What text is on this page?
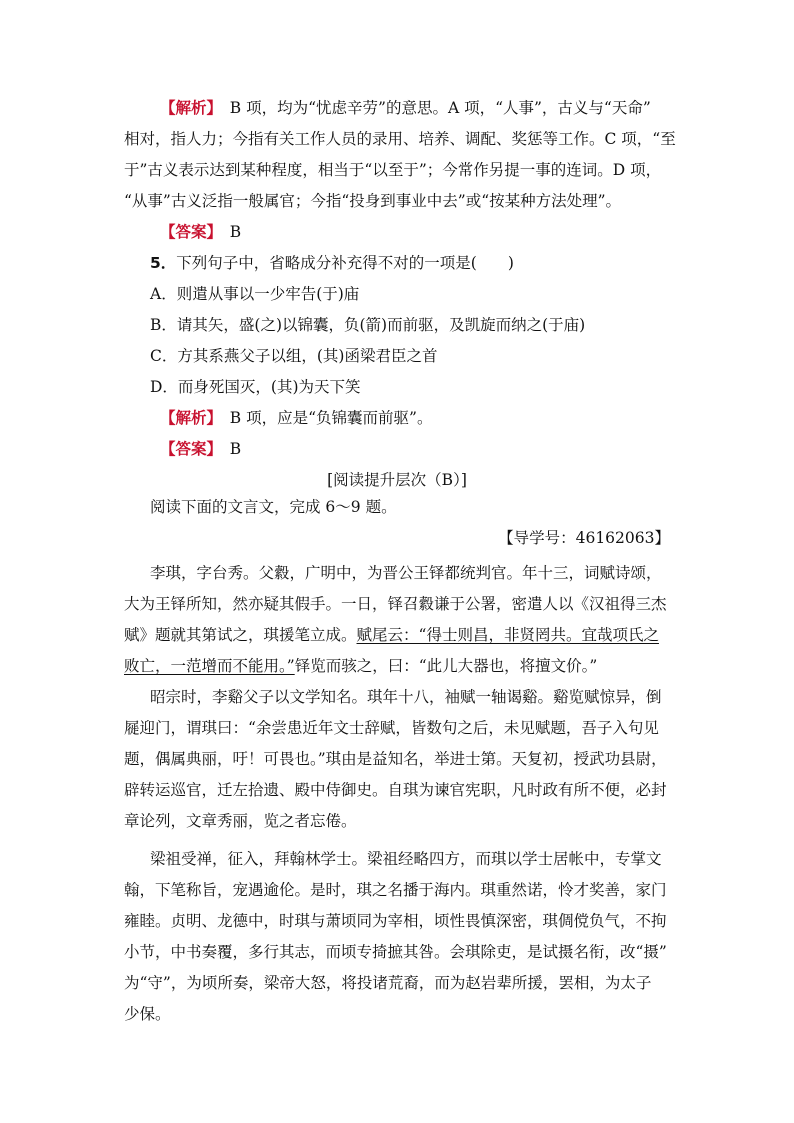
【解析】　 B 项，均为“忧虑辛劳”的意思。A 项，“人事”，古义与“天命”
相对，指人力；今指有关工作人员的录用、培养、调配、奖惩等工作。C 项，“至
于”古义表示达到某种程度，相当于“以至于”；今常作另提一事的连词。D 项，
“从事”古义泛指一般属官；今指“投身到事业中去”或“按某种方法处理”。
【答案】　 B
5．下列句子中，省略成分补充得不对的一项是(　　)
A．则遣从事以一少牢告(于)庙
B．请其矢，盛(之)以锦囊，负(箭)而前驱，及凯旋而纳之(于庙)
C．方其系燕父子以组，(其)函梁君臣之首
D．而身死国灭，(其)为天下笑
【解析】　 B 项，应是“负锦囊而前驱”。
【答案】　 B
[阅读提升层次（B）]
阅读下面的文言文，完成 6～9 题。
【导学号：46162063】
李琪，字台秀。父縠，广明中，为晋公王铎都统判官。年十三，词赋诗颂，
大为王铎所知，然亦疑其假手。一日，铎召縠谦于公署，密遣人以《汉祖得三杰
赋》题就其第试之，琪援笔立成。赋尾云：“得士则昌，非贤罔共。宜哉项氏之
败亡，一范增而不能用。”铎览而骇之，曰：“此儿大器也，将擅文价。”
昭宗时，李谿父子以文学知名。琪年十八，袖赋一轴谒谿。谿览赋惊异，倒
屣迎门，谓琪曰：“余尝患近年文士辞赋，皆数句之后，未见赋题，吾子入句见
题，偶属典丽，吁！可畏也。”琪由是益知名，举进士第。天复初，授武功县尉，
辟转运巡官，迁左拾遗、殿中侍御史。自琪为谏官宪职，凡时政有所不便，必封
章论列，文章秀丽，览之者忘倦。
梁祖受禅，征入，拜翰林学士。梁祖经略四方，而琪以学士居帐中，专掌文
翰，下笔称旨，宠遇逾伦。是时，琪之名播于海内。琪重然诺，怜才奖善，家门
雍睦。贞明、龙德中，时琪与萧顷同为宰相，顷性畏慎深密，琪倜傥负气，不拘
小节，中书奏覆，多行其志，而顷专掎摭其咎。会琪除吏，是试摄名衔，改“摄”
为“守”，为顷所奏，梁帝大怒，将投诸荒裔，而为赵岩辈所援，罢相，为太子
少保。
